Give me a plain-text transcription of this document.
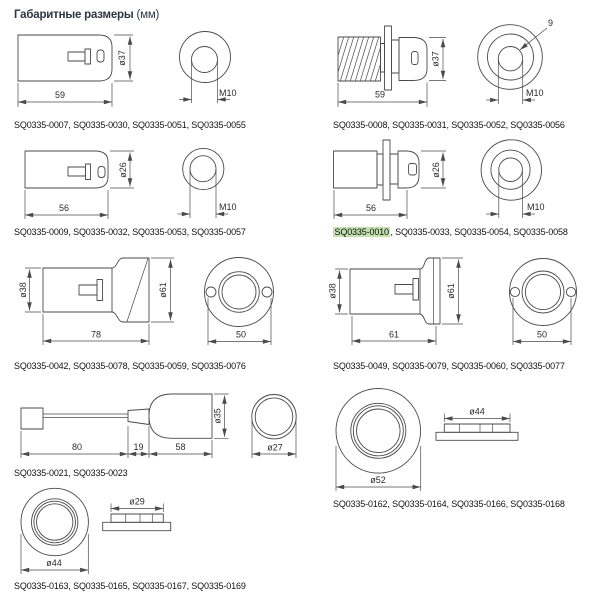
Габаритные размеры (мм)
59
ø37
M10	59
ø37
9
M10
56
ø26
M10	56
ø26
M10
ø38	ø61
78	50
ø38	ø61
61	50
ø35
80	19	58	ø27
ø52
ø44
ø44
ø29
SQ0335-0007, SQ0335-0030, SQ0335-0051, SQ0335-0055	SQ0335-0008, SQ0335-0031, SQ0335-0052, SQ0335-0056
SQ0335-0009, SQ0335-0032, SQ0335-0053, SQ0335-0057	SQ0335-0010 , SQ0335-0033, SQ0335-0054, SQ0335-0058
SQ0335-0042, SQ0335-0078, SQ0335-0059, SQ0335-0076	SQ0335-0049, SQ0335-0079, SQ0335-0060, SQ0335-0077
SQ0335-0021, SQ0335-0023
SQ0335-0162, SQ0335-0164, SQ0335-0166, SQ0335-0168
SQ0335-0163, SQ0335-0165, SQ0335-0167, SQ0335-0169
